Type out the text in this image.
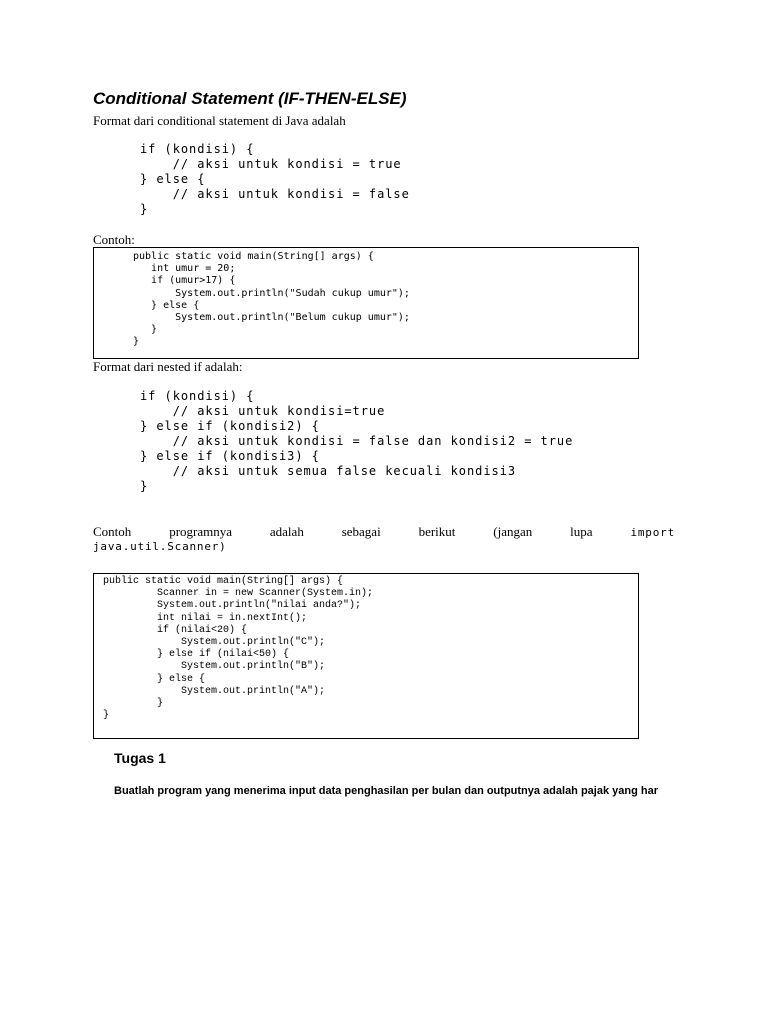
Conditional Statement (IF-THEN-ELSE)

Format dari conditional statement di Java adalah

if (kondisi) {
// aksi untuk kondisi = true
} else {
// aksi untuk kondisi = false
}

Contoh:

public static void main(String[] args) {
int umur = 20;
if (umur>17) {
System.out.println("Sudah cukup umur");
} else {
System.out.println("Belum cukup umur");
}
}

Format dari nested if adalah:

if (kondisi) {
// aksi untuk kondisi=true
} else if (kondisi2) {
// aksi untuk kondisi = false dan kondisi2 = true
} else if (kondisi3) {
// aksi untuk semua false kecuali kondisi3
}
Contoh	programnya	adalah	sebagai	berikut	(jangan	lupa	import

java.util.Scanner)

public static void main(String[] args) {
Scanner in = new Scanner(System.in);
System.out.println("nilai anda?");
int nilai = in.nextInt();
if (nilai<20) {
System.out.println("C");
} else if (nilai<50) {
System.out.println("B");
} else {
System.out.println("A");
}
}
Tugas 1

Buatlah program yang menerima input data penghasilan per bulan dan outputnya adalah pajak yang har
